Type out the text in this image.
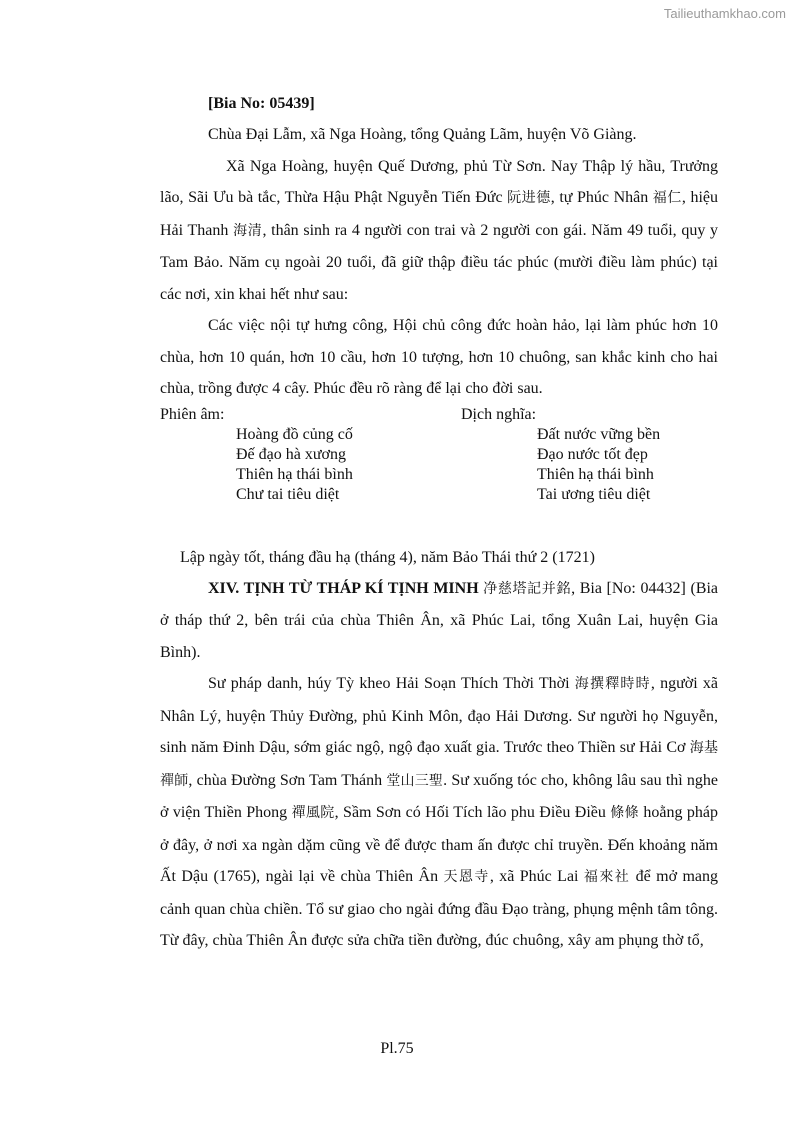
Tailieuthamkhao.com

[Bia No: 05439]

Chùa Đại Lẫm, xã Nga Hoàng, tổng Quảng Lãm, huyện Võ Giàng.

Xã Nga Hoàng, huyện Quế Dương, phủ Từ Sơn. Nay Thập lý hầu, Trưởng lão, Sãi Ưu bà tắc, Thừa Hậu Phật Nguyễn Tiến Đức 阮进德, tự Phúc Nhân 福仁, hiệu Hải Thanh 海清, thân sinh ra 4 người con trai và 2 người con gái. Năm 49 tuổi, quy y Tam Bảo. Năm cụ ngoài 20 tuổi, đã giữ thập điều tác phúc (mười điều làm phúc) tại các nơi, xin khai hết như sau:

Các việc nội tự hưng công, Hội chủ công đức hoàn hảo, lại làm phúc hơn 10 chùa, hơn 10 quán, hơn 10 cầu, hơn 10 tượng, hơn 10 chuông, san khắc kinh cho hai chùa, trồng được 4 cây. Phúc đều rõ ràng để lại cho đời sau.

Phiên âm:
Hoàng đồ củng cố
Đế đạo hà xương
Thiên hạ thái bình
Chư tai tiêu diệt
Dịch nghĩa:
Đất nước vững bền
Đạo nước tốt đẹp
Thiên hạ thái bình
Tai ương tiêu diệt

Lập ngày tốt, tháng đầu hạ (tháng 4), năm Bảo Thái thứ 2 (1721)

XIV. TỊNH TỪ THÁP KÍ TỊNH MINH 净慈塔記并銘, Bia [No: 04432] (Bia ở tháp thứ 2, bên trái của chùa Thiên Ân, xã Phúc Lai, tổng Xuân Lai, huyện Gia Bình).

Sư pháp danh, húy Tỳ kheo Hải Soạn Thích Thời Thời 海撰釋時時, người xã Nhân Lý, huyện Thủy Đường, phủ Kinh Môn, đạo Hải Dương. Sư người họ Nguyễn, sinh năm Đinh Dậu, sớm giác ngộ, ngộ đạo xuất gia. Trước theo Thiền sư Hải Cơ 海基禪師, chùa Đường Sơn Tam Thánh 堂山三聖. Sư xuống tóc cho, không lâu sau thì nghe ở viện Thiền Phong 禪風院, Sầm Sơn có Hối Tích lão phu Điều Điều 條條 hoằng pháp ở đây, ở nơi xa ngàn dặm cũng về để được tham ấn được chỉ truyền. Đến khoảng năm Ất Dậu (1765), ngài lại về chùa Thiên Ân 天恩寺, xã Phúc Lai 福來社 để mở mang cảnh quan chùa chiền. Tổ sư giao cho ngài đứng đầu Đạo tràng, phụng mệnh tâm tông. Từ đây, chùa Thiên Ân được sửa chữa tiền đường, đúc chuông, xây am phụng thờ tổ,

Pl.75
